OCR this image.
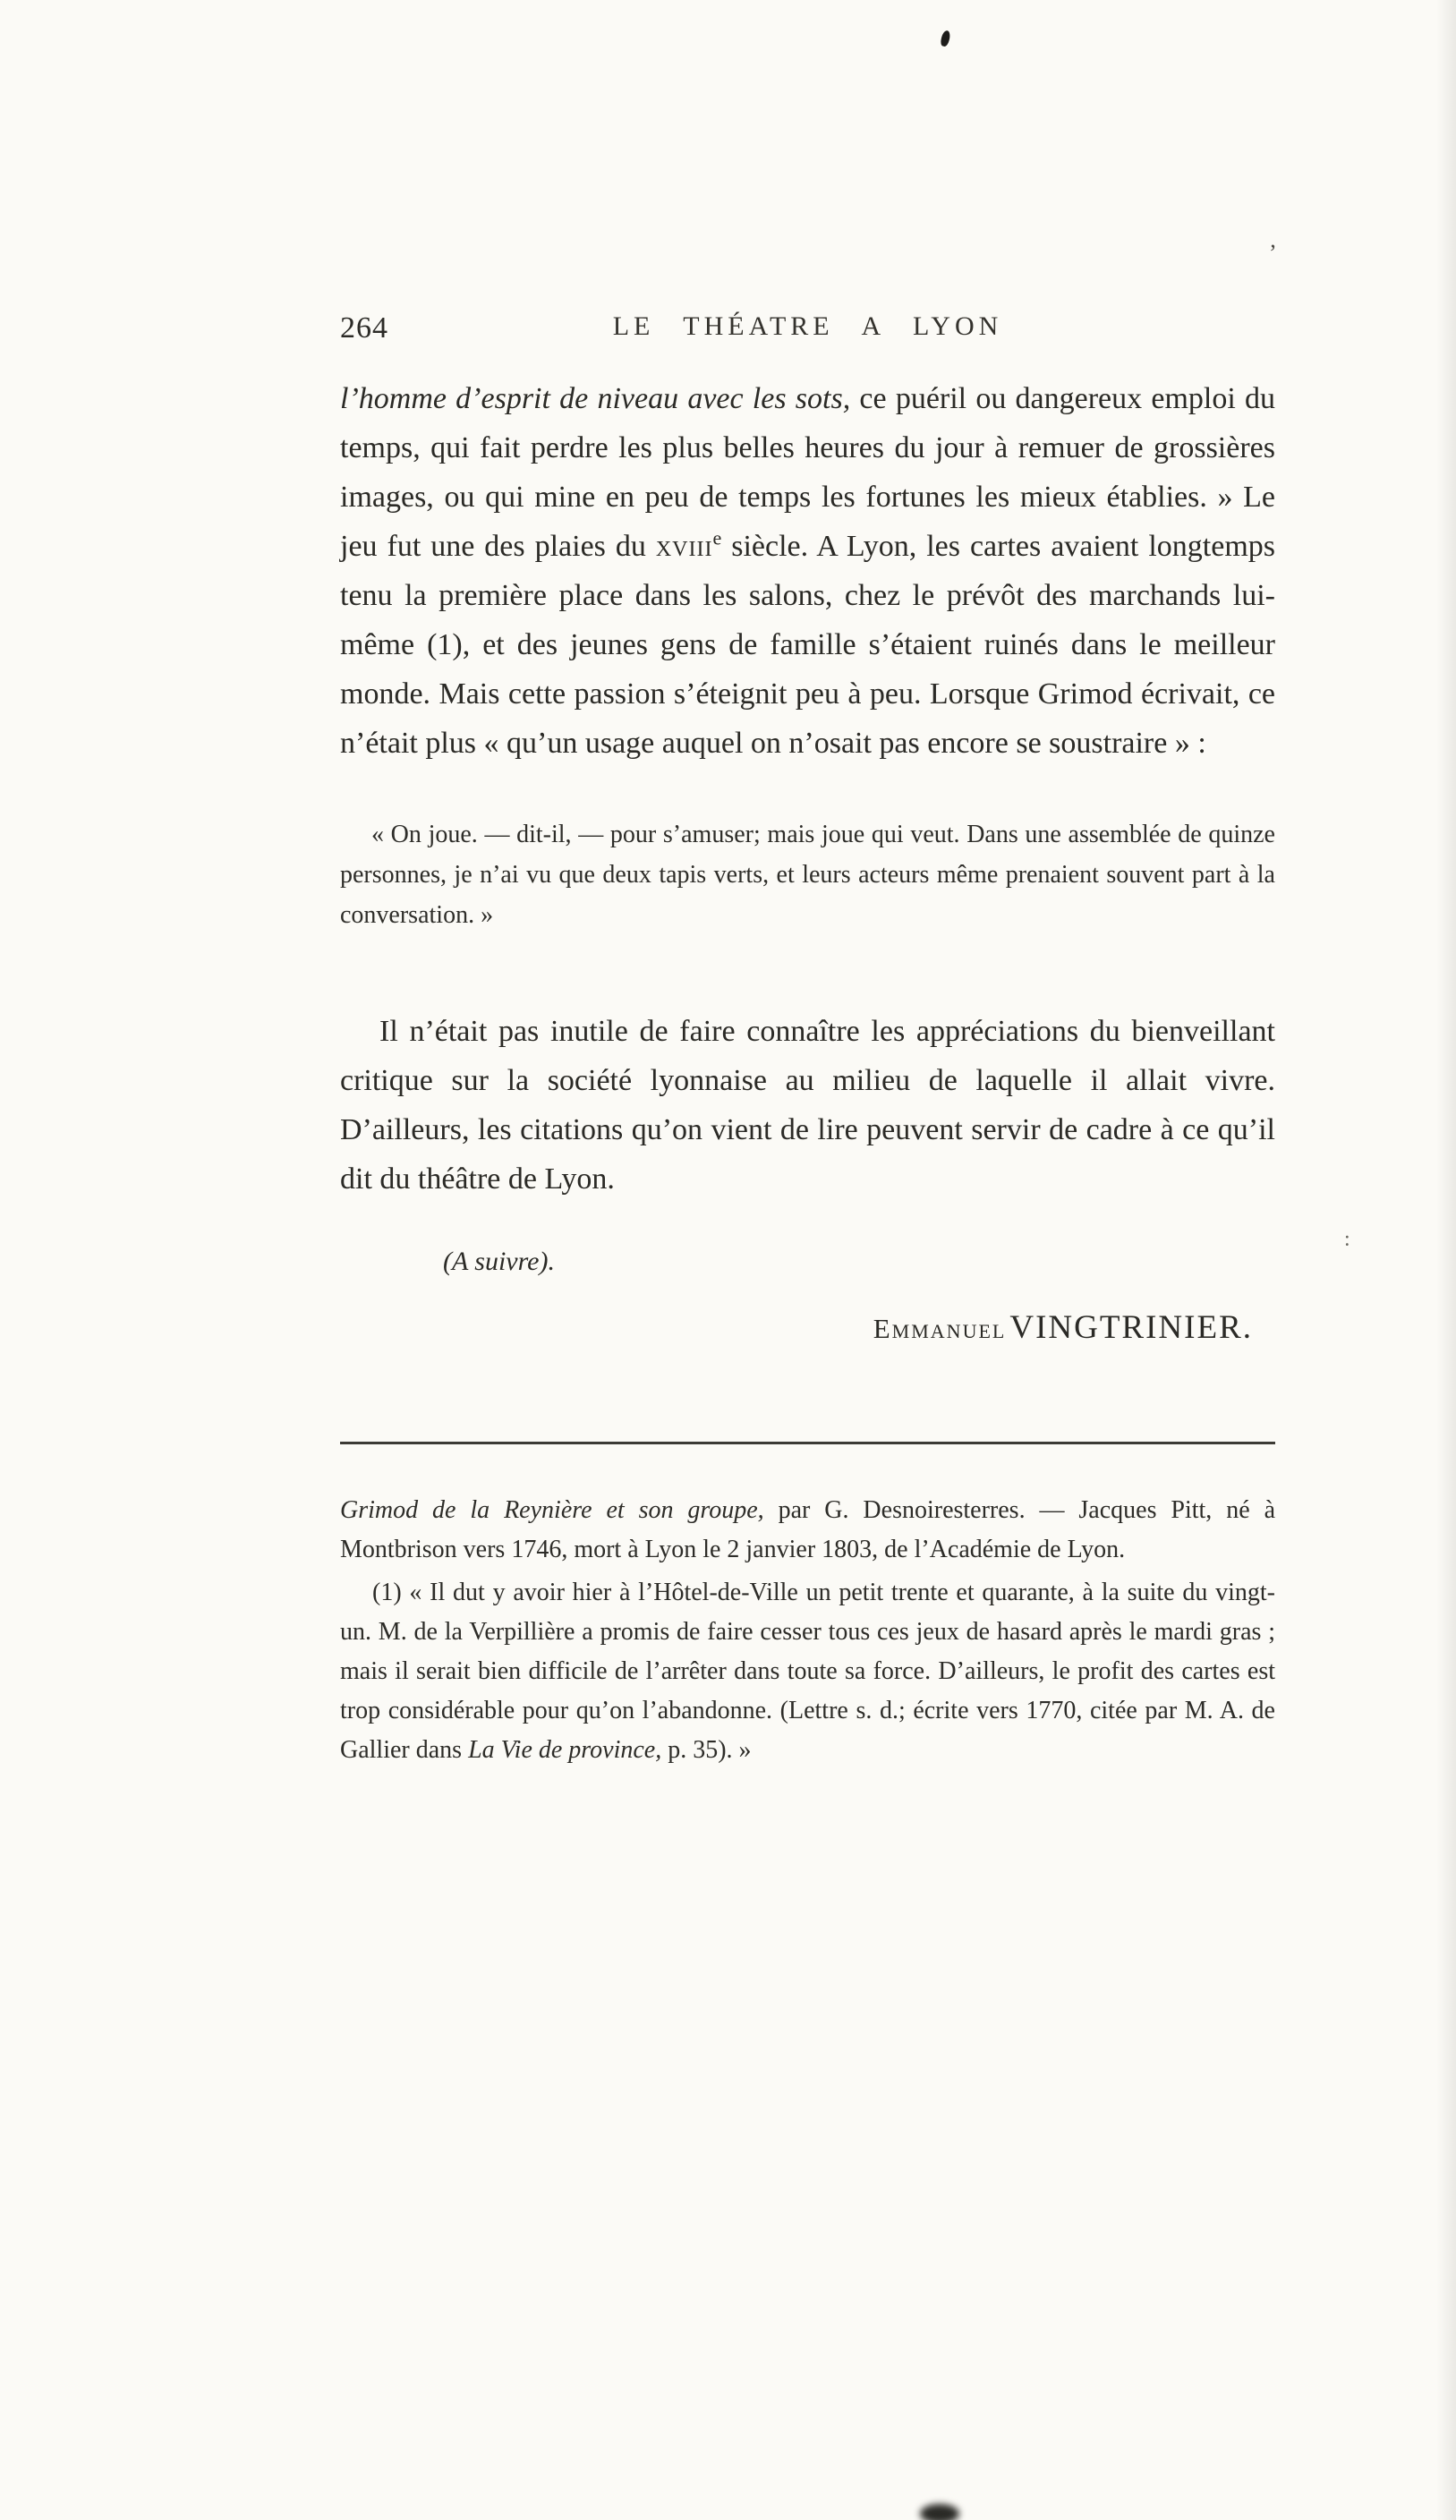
’
:
264	LE THÉATRE A LYON

l’homme d’esprit de niveau avec les sots, ce puéril ou dangereux emploi du temps, qui fait perdre les plus belles heures du jour à remuer de grossières images, ou qui mine en peu de temps les fortunes les mieux établies. » Le jeu fut une des plaies du xviii$^e$ siècle. A Lyon, les cartes avaient longtemps tenu la première place dans les salons, chez le prévôt des marchands lui-même (1), et des jeunes gens de famille s’étaient ruinés dans le meilleur monde. Mais cette passion s’éteignit peu à peu. Lorsque Grimod écrivait, ce n’était plus « qu’un usage auquel on n’osait pas encore se soustraire » :

« On joue. — dit-il, — pour s’amuser; mais joue qui veut. Dans une assemblée de quinze personnes, je n’ai vu que deux tapis verts, et leurs acteurs même prenaient souvent part à la conversation. »

Il n’était pas inutile de faire connaître les appréciations du bienveillant critique sur la société lyonnaise au milieu de laquelle il allait vivre. D’ailleurs, les citations qu’on vient de lire peuvent servir de cadre à ce qu’il dit du théâtre de Lyon.

(A suivre).

Emmanuel VINGTRINIER.

Grimod de la Reynière et son groupe, par G. Desnoiresterres. — Jacques Pitt, né à Montbrison vers 1746, mort à Lyon le 2 janvier 1803, de l’Académie de Lyon.

(1) « Il dut y avoir hier à l’Hôtel-de-Ville un petit trente et quarante, à la suite du vingt-un. M. de la Verpillière a promis de faire cesser tous ces jeux de hasard après le mardi gras ; mais il serait bien difficile de l’arrêter dans toute sa force. D’ailleurs, le profit des cartes est trop considérable pour qu’on l’abandonne. (Lettre s. d.; écrite vers 1770, citée par M. A. de Gallier dans La Vie de province, p. 35). »
